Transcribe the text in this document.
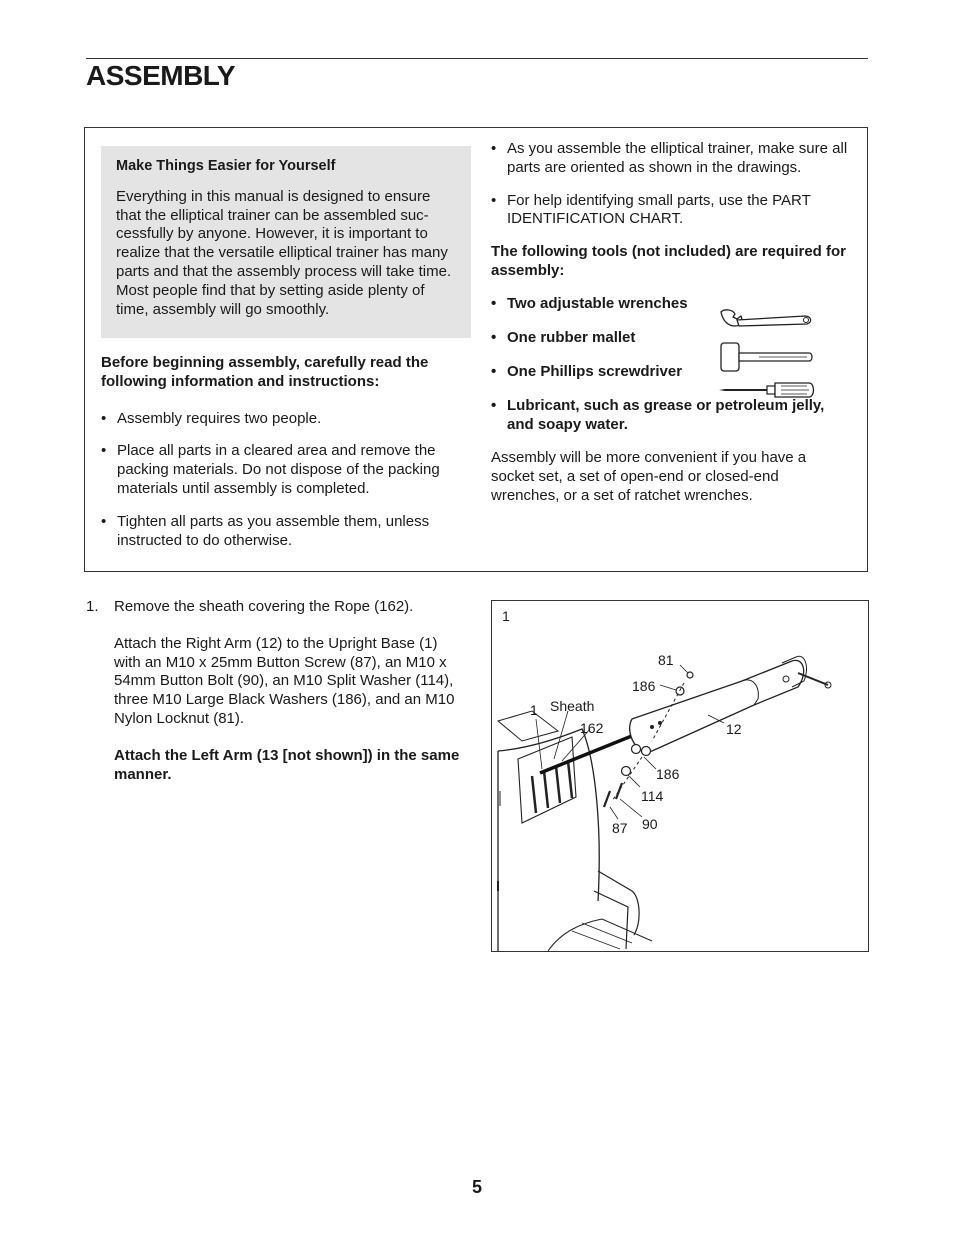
ASSEMBLY
Make Things Easier for Yourself

Everything in this manual is designed to ensure that the elliptical trainer can be assembled suc-cessfully by anyone. However, it is important to realize that the versatile elliptical trainer has many parts and that the assembly process will take time. Most people find that by setting aside plenty of time, assembly will go smoothly.

Before beginning assembly, carefully read the following information and instructions:

• Assembly requires two people.
• Place all parts in a cleared area and remove the packing materials. Do not dispose of the packing materials until assembly is completed.
• Tighten all parts as you assemble them, unless instructed to do otherwise.
• As you assemble the elliptical trainer, make sure all parts are oriented as shown in the drawings.
• For help identifying small parts, use the PART IDENTIFICATION CHART.

The following tools (not included) are required for assembly:

• Two adjustable wrenches
• One rubber mallet
• One Phillips screwdriver
• Lubricant, such as grease or petroleum jelly, and soapy water.

Assembly will be more convenient if you have a socket set, a set of open-end or closed-end wrenches, or a set of ratchet wrenches.

1. Remove the sheath covering the Rope (162).

Attach the Right Arm (12) to the Upright Base (1) with an M10 x 25mm Button Screw (87), an M10 x 54mm Button Bolt (90), an M10 Split Washer (114), three M10 Large Black Washers (186), and an M10 Nylon Locknut (81).

Attach the Left Arm (13 [not shown]) in the same manner.

1
81
186
1 Sheath
162	12
186
114
87 90
5
